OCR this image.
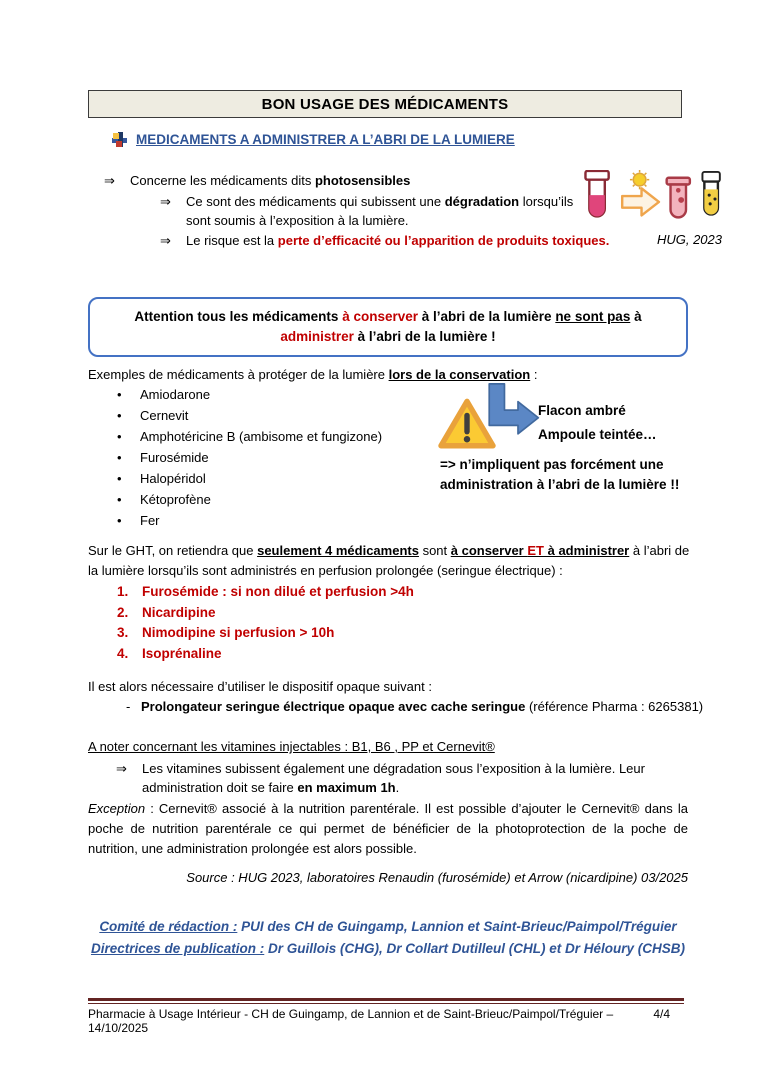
BON USAGE DES MÉDICAMENTS
MEDICAMENTS A ADMINISTRER A L’ABRI DE LA LUMIERE
⇒	Concerne les médicaments dits photosensibles
⇒	Ce sont des médicaments qui subissent une dégradation lorsqu’ils sont soumis à l’exposition à la lumière.
⇒	Le risque est la perte d’efficacité ou l’apparition de produits toxiques.	HUG, 2023
Attention tous les médicaments à conserver à l’abri de la lumière ne sont pas à administrer à l’abri de la lumière !
Exemples de médicaments à protéger de la lumière lors de la conservation :
•	Amiodarone
•	Cernevit
•	Amphotéricine B (ambisome et fungizone)
•	Furosémide
•	Halopéridol
•	Kétoprofène
•	Fer
Flacon ambré
Ampoule teintée…
=> n’impliquent pas forcément une administration à l’abri de la lumière !!
Sur le GHT, on retiendra que seulement 4 médicaments sont à conserver ET à administrer à l’abri de la lumière lorsqu’ils sont administrés en perfusion prolongée (seringue électrique) :
1.	Furosémide : si non dilué et perfusion >4h
2.	Nicardipine
3.	Nimodipine si perfusion > 10h
4.	Isoprénaline
Il est alors nécessaire d’utiliser le dispositif opaque suivant :
- Prolongateur seringue électrique opaque avec cache seringue (référence Pharma : 6265381)
A noter concernant les vitamines injectables : B1, B6 , PP et Cernevit®
⇒	Les vitamines subissent également une dégradation sous l’exposition à la lumière. Leur administration doit se faire en maximum 1h.
Exception : Cernevit® associé à la nutrition parentérale. Il est possible d’ajouter le Cernevit® dans la poche de nutrition parentérale ce qui permet de bénéficier de la photoprotection de la poche de nutrition, une administration prolongée est alors possible.
Source : HUG 2023, laboratoires Renaudin (furosémide) et Arrow (nicardipine) 03/2025
Comité de rédaction : PUI des CH de Guingamp, Lannion et Saint-Brieuc/Paimpol/Tréguier
Directrices de publication : Dr Guillois (CHG), Dr Collart Dutilleul (CHL) et Dr Héloury (CHSB)
Pharmacie à Usage Intérieur - CH de Guingamp, de Lannion et de Saint-Brieuc/Paimpol/Tréguier – 14/10/2025
4/4
